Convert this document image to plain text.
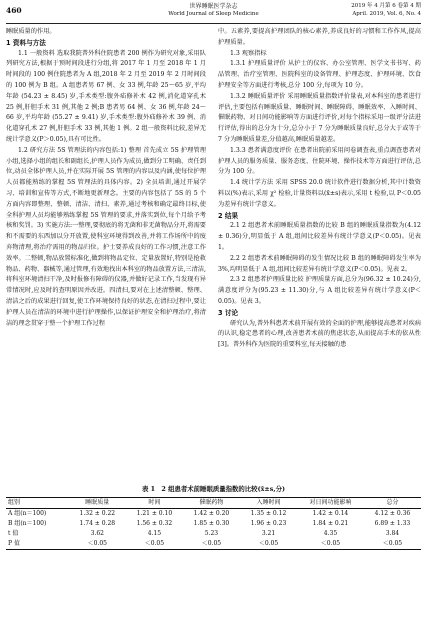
460	世界睡眠医学杂志
World Journal of Sleep Medicine
2019 年 4 月第 6 卷第 4 期
April. 2019, Vol. 6, No. 4

睡眠质量的作用。

1 资料与方法

1.1 一般资料 选取我院普外科住院患者 200 例作为研究对象,采用队列研究方法,根据于预时间段进行分组,将 2017 年 1 月至 2018 年 1 月时间段的 100 例住院患者为 A 组,2018 年 2 月至 2019 年 2 月时间段的 100 例为 B 组。A 组患者男 67 例、女 33 例,年龄 25～65 岁,平均年龄 (54.23 ± 8.45) 岁,手术类型:腹外疝修补术 42 例,消化道穿孔术 25 例,肝胆手术 31 例,其他 2 例;B 患者男 64 例、女 36 例,年龄 24～66 岁,平均年龄 (55.27 ± 9.41) 岁,手术类型:腹外疝修补术 39 例、消化道穿孔术 27 例,肝胆手术 33 例,其他 1 例。2 组一般资料比较,差异无统计学意义(P＞0.05),具有可比性。

1.2 研究方法 5S 管理法的内容包括:1) 整理 首先成立 5S 护理管理小组,选择小组的组长和副组长,护理人员作为成员,做到分工明确、责任到位,动员全体护理人员,并在实际开展 5S 管理的内容以及内涵,使每位护理人员都能熟练的掌握 5S 管理法的具体内容。2) 全员培训,通过开展学习、培训和宣传等方式,不断地更新理念。主要的内容包括了 5S 的 5 个方面内容即整理、整顿、清洁、清扫、素养,通过考核和确定最终目标,使全科护理人员均能够熟练掌握 5S 管理的要求,并落实到位,每个月给予考核和奖罚。3) 实施方法:一整理,要彻底的将无菌和非无菌物品分开,将需要和不需要的东西加以分开放置,使科室环境得到改善,并将工作场所中的废弃物清理,将治疗需用的物品归位。护士要养成良好的工作习惯,注意工作效率。二整顿,物品放置标准化,做到将物品定位、定量放置好,特别是抢救物品、药物、器械等,通过管理,有效地找出本科室的物品放置方法,三清洁,将科室环境清扫干净,及时报修有障碍的仪器,并做好记录工作,当发现有异常情况时,应及时的查明原因并改进。四清扫,要对在上述清整顿、整理、清洁之后的成果进行回复,使工作环境保持良好的状态,在清扫过程中,要让护理人员在清洁的环境中进行护理操作,以保证护理安全和护理治疗,将清洁的理念贯穿于整一个护理工作过程

中。五素养,要提高护理团队的核心素养,养成良好的习惯和工作作风,提高护理质量。

1.3 观察指标

1.3.1 护理质量评价 从护士的仪容、办公室管理、医学文书书写、药品管理、治疗室管理、医院科室的设备管理、护理态度、护理环境、饮食护理安全等方面进行考核,总分 100 分,每项为 10 分。

1.3.2 睡眠质量评价 采用睡眠质量指数评价量表,对本科室的患者进行评估,主要包括有睡眠质量、睡眠时间、睡眠障碍、睡眠效率、入睡时间、催眠药物、对日间功能影响等方面进行评价,对每个指标采用一级评分法进行评估,得出的总分为十分,总分小于 7 分为睡眠质量良好,总分大于或等于 7 分为睡眠质量差,分值越高,睡眠质量越差。

1.3.3 患者满意度评价 在患者出院前采用问卷调查表,重点调查患者对护理人员的服务质量、服务态度、住院环境、操作技术等方面进行评估,总分为 100 分。

1.4 统计学方法 采用 SPSS 20.0 统计软件进行数据分析,其中计数资料以(%)表示,采用 χ² 检验,计量资料以(x̄±s)表示,采用 t 检验,以 P＜0.05 为差异有统计学意义。

2 结果

2.1 2 组患者术前睡眠质量指数的比较 B 组的睡眠质量指数为(4.12 ± 0.36)分,明显低于 A 组,组间比较差异有统计学意义(P＜0.05)。见表 1。

2.2 2 组患者术前睡眠障碍的发生情况比较 B 组的睡眠障碍发生率为 3%,均明显低于 A 组,组间比较差异有统计学意义(P＜0.05)。见表 2。

2.3 2 组患者护理质量比较 护理质量方面,总分为(96.32 ± 10.24)分,满意度评分为(95.23 ± 11.30)分,与 A 组比较差异有统计学意义(P＜0.05)。见表 3。

3 讨论

研究认为,普外科患者术前开展有效的全面的护理,能够提高患者对疾病的认识,稳定患者的心理,改善患者术前的焦虑状态,从而提高手术的依从性[3]。普外科作为医院的重要科室,每天接触的患

表 1　2 组患者术前睡眠质量指数的比较(x̄±s,分)
组别	睡眠质量	时间	催眠药物	入睡时间	对日间功能影响	总分
A 组(n＝100)	1.32 ± 0.22	1.21 ± 0.10	1.42 ± 0.20	1.35 ± 0.12	1.42 ± 0.14	4.12 ± 0.36
B 组(n＝100)	1.74 ± 0.28	1.56 ± 0.32	1.85 ± 0.30	1.96 ± 0.23	1.84 ± 0.21	6.89 ± 1.33
t 值	3.62	4.15	5.23	3.21	4.35	3.84
P 值	＜0.05	＜0.05	＜0.05	＜0.05	＜0.05	＜0.05
